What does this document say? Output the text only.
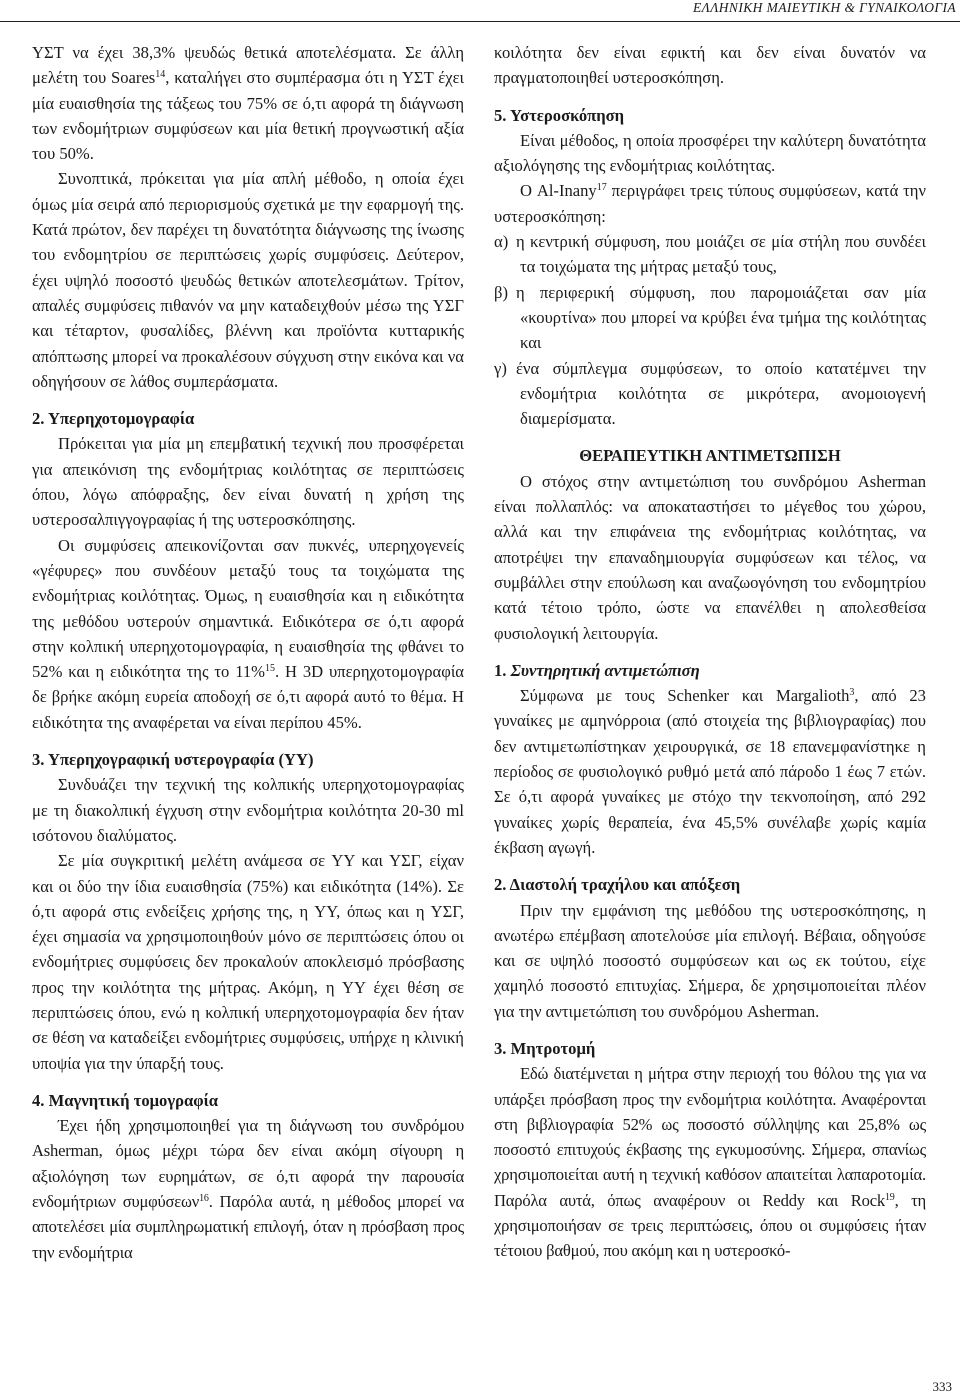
ΕΛΛΗΝΙΚΗ ΜΑΙΕΥΤΙΚΗ & ΓΥΝΑΙΚΟΛΟΓΙΑ

ΥΣΤ να έχει 38,3% ψευδώς θετικά αποτελέσματα. Σε άλλη μελέτη του Soares$^{14}$, καταλήγει στο συμπέρασμα ότι η ΥΣΤ έχει μία ευαισθησία της τάξεως του 75% σε ό,τι αφορά τη διάγνωση των ενδομήτριων συμφύσεων και μία θετική προγνωστική αξία του 50%.

Συνοπτικά, πρόκειται για μία απλή μέθοδο, η οποία έχει όμως μία σειρά από περιορισμούς σχετικά με την εφαρμογή της. Κατά πρώτον, δεν παρέχει τη δυνατότητα διάγνωσης της ίνωσης του ενδομητρίου σε περιπτώσεις χωρίς συμφύσεις. Δεύτερον, έχει υψηλό ποσοστό ψευδώς θετικών αποτελεσμάτων. Τρίτον, απαλές συμφύσεις πιθανόν να μην καταδειχθούν μέσω της ΥΣΓ και τέταρτον, φυσαλίδες, βλέννη και προϊόντα κυτταρικής απόπτωσης μπορεί να προκαλέσουν σύγχυση στην εικόνα και να οδηγήσουν σε λάθος συμπεράσματα.

2. Υπερηχοτομογραφία

Πρόκειται για μία μη επεμβατική τεχνική που προσφέρεται για απεικόνιση της ενδομήτριας κοιλότητας σε περιπτώσεις όπου, λόγω απόφραξης, δεν είναι δυνατή η χρήση της υστεροσαλπιγγογραφίας ή της υστεροσκόπησης.

Οι συμφύσεις απεικονίζονται σαν πυκνές, υπερηχογενείς «γέφυρες» που συνδέουν μεταξύ τους τα τοιχώματα της ενδομήτριας κοιλότητας. Όμως, η ευαισθησία και η ειδικότητα της μεθόδου υστερούν σημαντικά. Ειδικότερα σε ό,τι αφορά στην κολπική υπερηχοτομογραφία, η ευαισθησία της φθάνει το 52% και η ειδικότητα της το 11%$^{15}$. Η 3D υπερηχοτομογραφία δε βρήκε ακόμη ευρεία αποδοχή σε ό,τι αφορά αυτό το θέμα. Η ειδικότητα της αναφέρεται να είναι περίπου 45%.

3. Υπερηχογραφική υστερογραφία (ΥΥ)

Συνδυάζει την τεχνική της κολπικής υπερηχοτομογραφίας με τη διακολπική έγχυση στην ενδομήτρια κοιλότητα 20-30 ml ισότονου διαλύματος.

Σε μία συγκριτική μελέτη ανάμεσα σε ΥΥ και ΥΣΓ, είχαν και οι δύο την ίδια ευαισθησία (75%) και ειδικότητα (14%). Σε ό,τι αφορά στις ενδείξεις χρήσης της, η ΥΥ, όπως και η ΥΣΓ, έχει σημασία να χρησιμοποιηθούν μόνο σε περιπτώσεις όπου οι ενδομήτριες συμφύσεις δεν προκαλούν αποκλεισμό πρόσβασης προς την κοιλότητα της μήτρας. Ακόμη, η ΥΥ έχει θέση σε περιπτώσεις όπου, ενώ η κολπική υπερηχοτομογραφία δεν ήταν σε θέση να καταδείξει ενδομήτριες συμφύσεις, υπήρχε η κλινική υποψία για την ύπαρξή τους.

4. Μαγνητική τομογραφία

Έχει ήδη χρησιμοποιηθεί για τη διάγνωση του συνδρόμου Asherman, όμως μέχρι τώρα δεν είναι ακόμη σίγουρη η αξιολόγηση των ευρημάτων, σε ό,τι αφορά την παρουσία ενδομήτριων συμφύσεων$^{16}$. Παρόλα αυτά, η μέθοδος μπορεί να αποτελέσει μία συμπληρωματική επιλογή, όταν η πρόσβαση προς την ενδομήτρια

κοιλότητα δεν είναι εφικτή και δεν είναι δυνατόν να πραγματοποιηθεί υστεροσκόπηση.

5. Υστεροσκόπηση

Είναι μέθοδος, η οποία προσφέρει την καλύτερη δυνατότητα αξιολόγησης της ενδομήτριας κοιλότητας.

Ο Al-Inany$^{17}$ περιγράφει τρεις τύπους συμφύσεων, κατά την υστεροσκόπηση:

α) η κεντρική σύμφυση, που μοιάζει σε μία στήλη που συνδέει τα τοιχώματα της μήτρας μεταξύ τους,

β) η περιφερική σύμφυση, που παρομοιάζεται σαν μία «κουρτίνα» που μπορεί να κρύβει ένα τμήμα της κοιλότητας και

γ) ένα σύμπλεγμα συμφύσεων, το οποίο κατατέμνει την ενδομήτρια κοιλότητα σε μικρότερα, ανομοιογενή διαμερίσματα.

ΘΕΡΑΠΕΥΤΙΚΗ ΑΝΤΙΜΕΤΩΠΙΣΗ

Ο στόχος στην αντιμετώπιση του συνδρόμου Asherman είναι πολλαπλός: να αποκαταστήσει το μέγεθος του χώρου, αλλά και την επιφάνεια της ενδομήτριας κοιλότητας, να αποτρέψει την επαναδημιουργία συμφύσεων και τέλος, να συμβάλλει στην επούλωση και αναζωογόνηση του ενδομητρίου κατά τέτοιο τρόπο, ώστε να επανέλθει η απολεσθείσα φυσιολογική λειτουργία.

1. Συντηρητική αντιμετώπιση

Σύμφωνα με τους Schenker και Margalioth$^3$, από 23 γυναίκες με αμηνόρροια (από στοιχεία της βιβλιογραφίας) που δεν αντιμετωπίστηκαν χειρουργικά, σε 18 επανεμφανίστηκε η περίοδος σε φυσιολογικό ρυθμό μετά από πάροδο 1 έως 7 ετών. Σε ό,τι αφορά γυναίκες με στόχο την τεκνοποίηση, από 292 γυναίκες χωρίς θεραπεία, ένα 45,5% συνέλαβε χωρίς καμία έκβαση αγωγή.

2. Διαστολή τραχήλου και απόξεση

Πριν την εμφάνιση της μεθόδου της υστεροσκόπησης, η ανωτέρω επέμβαση αποτελούσε μία επιλογή. Βέβαια, οδηγούσε και σε υψηλό ποσοστό συμφύσεων και ως εκ τούτου, είχε χαμηλό ποσοστό επιτυχίας. Σήμερα, δε χρησιμοποιείται πλέον για την αντιμετώπιση του συνδρόμου Asherman.

3. Μητροτομή

Εδώ διατέμνεται η μήτρα στην περιοχή του θόλου της για να υπάρξει πρόσβαση προς την ενδομήτρια κοιλότητα. Αναφέρονται στη βιβλιογραφία 52% ως ποσοστό σύλληψης και 25,8% ως ποσοστό επιτυχούς έκβασης της εγκυμοσύνης. Σήμερα, σπανίως χρησιμοποιείται αυτή η τεχνική καθόσον απαιτείται λαπαροτομία. Παρόλα αυτά, όπως αναφέρουν οι Reddy και Rock$^{19}$, τη χρησιμοποιήσαν σε τρεις περιπτώσεις, όπου οι συμφύσεις ήταν τέτοιου βαθμού, που ακόμη και η υστεροσκό-

333
